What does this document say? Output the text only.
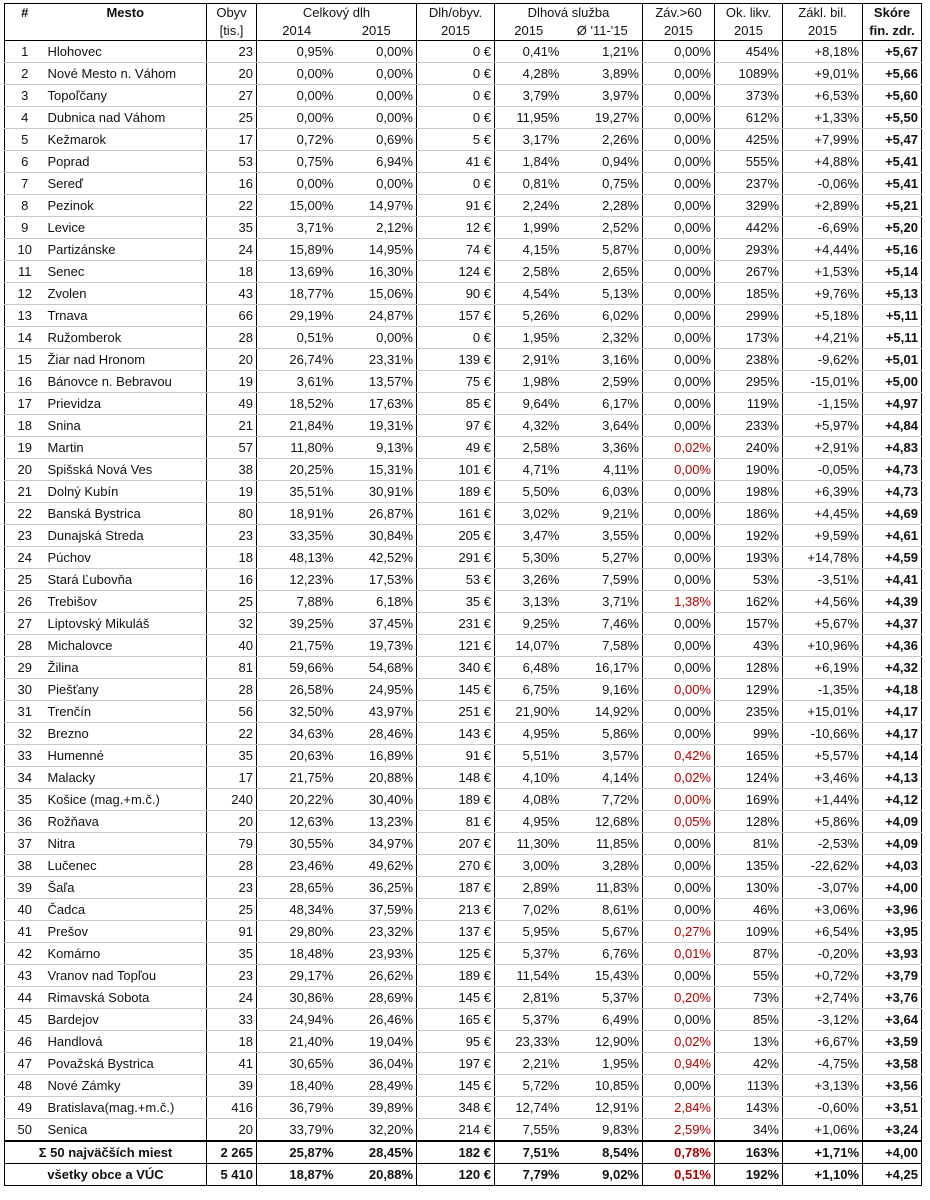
#	Mesto	Obyv	Celkový dlh		Dlh/obyv.	Dlhová služba		Záv.>60	Ok. likv.	Zákl. bil.	Skóre
		[tis.]	2014	2015	2015	2015	Ø '11-'15	2015	2015	2015	fin. zdr.
1	Hlohovec	23	0,95%	0,00%	0 €	0,41%	1,21%	0,00%	454%	+8,18%	+5,67
2	Nové Mesto n. Váhom	20	0,00%	0,00%	0 €	4,28%	3,89%	0,00%	1089%	+9,01%	+5,66
3	Topoľčany	27	0,00%	0,00%	0 €	3,79%	3,97%	0,00%	373%	+6,53%	+5,60
4	Dubnica nad Váhom	25	0,00%	0,00%	0 €	11,95%	19,27%	0,00%	612%	+1,33%	+5,50
5	Kežmarok	17	0,72%	0,69%	5 €	3,17%	2,26%	0,00%	425%	+7,99%	+5,47
6	Poprad	53	0,75%	6,94%	41 €	1,84%	0,94%	0,00%	555%	+4,88%	+5,41
7	Sereď	16	0,00%	0,00%	0 €	0,81%	0,75%	0,00%	237%	-0,06%	+5,41
8	Pezinok	22	15,00%	14,97%	91 €	2,24%	2,28%	0,00%	329%	+2,89%	+5,21
9	Levice	35	3,71%	2,12%	12 €	1,99%	2,52%	0,00%	442%	-6,69%	+5,20
10	Partizánske	24	15,89%	14,95%	74 €	4,15%	5,87%	0,00%	293%	+4,44%	+5,16
11	Senec	18	13,69%	16,30%	124 €	2,58%	2,65%	0,00%	267%	+1,53%	+5,14
12	Zvolen	43	18,77%	15,06%	90 €	4,54%	5,13%	0,00%	185%	+9,76%	+5,13
13	Trnava	66	29,19%	24,87%	157 €	5,26%	6,02%	0,00%	299%	+5,18%	+5,11
14	Ružomberok	28	0,51%	0,00%	0 €	1,95%	2,32%	0,00%	173%	+4,21%	+5,11
15	Žiar nad Hronom	20	26,74%	23,31%	139 €	2,91%	3,16%	0,00%	238%	-9,62%	+5,01
16	Bánovce n. Bebravou	19	3,61%	13,57%	75 €	1,98%	2,59%	0,00%	295%	-15,01%	+5,00
17	Prievidza	49	18,52%	17,63%	85 €	9,64%	6,17%	0,00%	119%	-1,15%	+4,97
18	Snina	21	21,84%	19,31%	97 €	4,32%	3,64%	0,00%	233%	+5,97%	+4,84
19	Martin	57	11,80%	9,13%	49 €	2,58%	3,36%	0,02%	240%	+2,91%	+4,83
20	Spišská Nová Ves	38	20,25%	15,31%	101 €	4,71%	4,11%	0,00%	190%	-0,05%	+4,73
21	Dolný Kubín	19	35,51%	30,91%	189 €	5,50%	6,03%	0,00%	198%	+6,39%	+4,73
22	Banská Bystrica	80	18,91%	26,87%	161 €	3,02%	9,21%	0,00%	186%	+4,45%	+4,69
23	Dunajská Streda	23	33,35%	30,84%	205 €	3,47%	3,55%	0,00%	192%	+9,59%	+4,61
24	Púchov	18	48,13%	42,52%	291 €	5,30%	5,27%	0,00%	193%	+14,78%	+4,59
25	Stará Ľubovňa	16	12,23%	17,53%	53 €	3,26%	7,59%	0,00%	53%	-3,51%	+4,41
26	Trebišov	25	7,88%	6,18%	35 €	3,13%	3,71%	1,38%	162%	+4,56%	+4,39
27	Liptovský Mikuláš	32	39,25%	37,45%	231 €	9,25%	7,46%	0,00%	157%	+5,67%	+4,37
28	Michalovce	40	21,75%	19,73%	121 €	14,07%	7,58%	0,00%	43%	+10,96%	+4,36
29	Žilina	81	59,66%	54,68%	340 €	6,48%	16,17%	0,00%	128%	+6,19%	+4,32
30	Piešťany	28	26,58%	24,95%	145 €	6,75%	9,16%	0,00%	129%	-1,35%	+4,18
31	Trenčín	56	32,50%	43,97%	251 €	21,90%	14,92%	0,00%	235%	+15,01%	+4,17
32	Brezno	22	34,63%	28,46%	143 €	4,95%	5,86%	0,00%	99%	-10,66%	+4,17
33	Humenné	35	20,63%	16,89%	91 €	5,51%	3,57%	0,42%	165%	+5,57%	+4,14
34	Malacky	17	21,75%	20,88%	148 €	4,10%	4,14%	0,02%	124%	+3,46%	+4,13
35	Košice (mag.+m.č.)	240	20,22%	30,40%	189 €	4,08%	7,72%	0,00%	169%	+1,44%	+4,12
36	Rožňava	20	12,63%	13,23%	81 €	4,95%	12,68%	0,05%	128%	+5,86%	+4,09
37	Nitra	79	30,55%	34,97%	207 €	11,30%	11,85%	0,00%	81%	-2,53%	+4,09
38	Lučenec	28	23,46%	49,62%	270 €	3,00%	3,28%	0,00%	135%	-22,62%	+4,03
39	Šaľa	23	28,65%	36,25%	187 €	2,89%	11,83%	0,00%	130%	-3,07%	+4,00
40	Čadca	25	48,34%	37,59%	213 €	7,02%	8,61%	0,00%	46%	+3,06%	+3,96
41	Prešov	91	29,80%	23,32%	137 €	5,95%	5,67%	0,27%	109%	+6,54%	+3,95
42	Komárno	35	18,48%	23,93%	125 €	5,37%	6,76%	0,01%	87%	-0,20%	+3,93
43	Vranov nad Topľou	23	29,17%	26,62%	189 €	11,54%	15,43%	0,00%	55%	+0,72%	+3,79
44	Rimavská Sobota	24	30,86%	28,69%	145 €	2,81%	5,37%	0,20%	73%	+2,74%	+3,76
45	Bardejov	33	24,94%	26,46%	165 €	5,37%	6,49%	0,00%	85%	-3,12%	+3,64
46	Handlová	18	21,40%	19,04%	95 €	23,33%	12,90%	0,02%	13%	+6,67%	+3,59
47	Považská Bystrica	41	30,65%	36,04%	197 €	2,21%	1,95%	0,94%	42%	-4,75%	+3,58
48	Nové Zámky	39	18,40%	28,49%	145 €	5,72%	10,85%	0,00%	113%	+3,13%	+3,56
49	Bratislava(mag.+m.č.)	416	36,79%	39,89%	348 €	12,74%	12,91%	2,84%	143%	-0,60%	+3,51
50	Senica	20	33,79%	32,20%	214 €	7,55%	9,83%	2,59%	34%	+1,06%	+3,24
Σ 50 najväčších miest		2 265	25,87%	28,45%	182 €	7,51%	8,54%	0,78%	163%	+1,71%	+4,00
všetky obce a VÚC		5 410	18,87%	20,88%	120 €	7,79%	9,02%	0,51%	192%	+1,10%	+4,25
